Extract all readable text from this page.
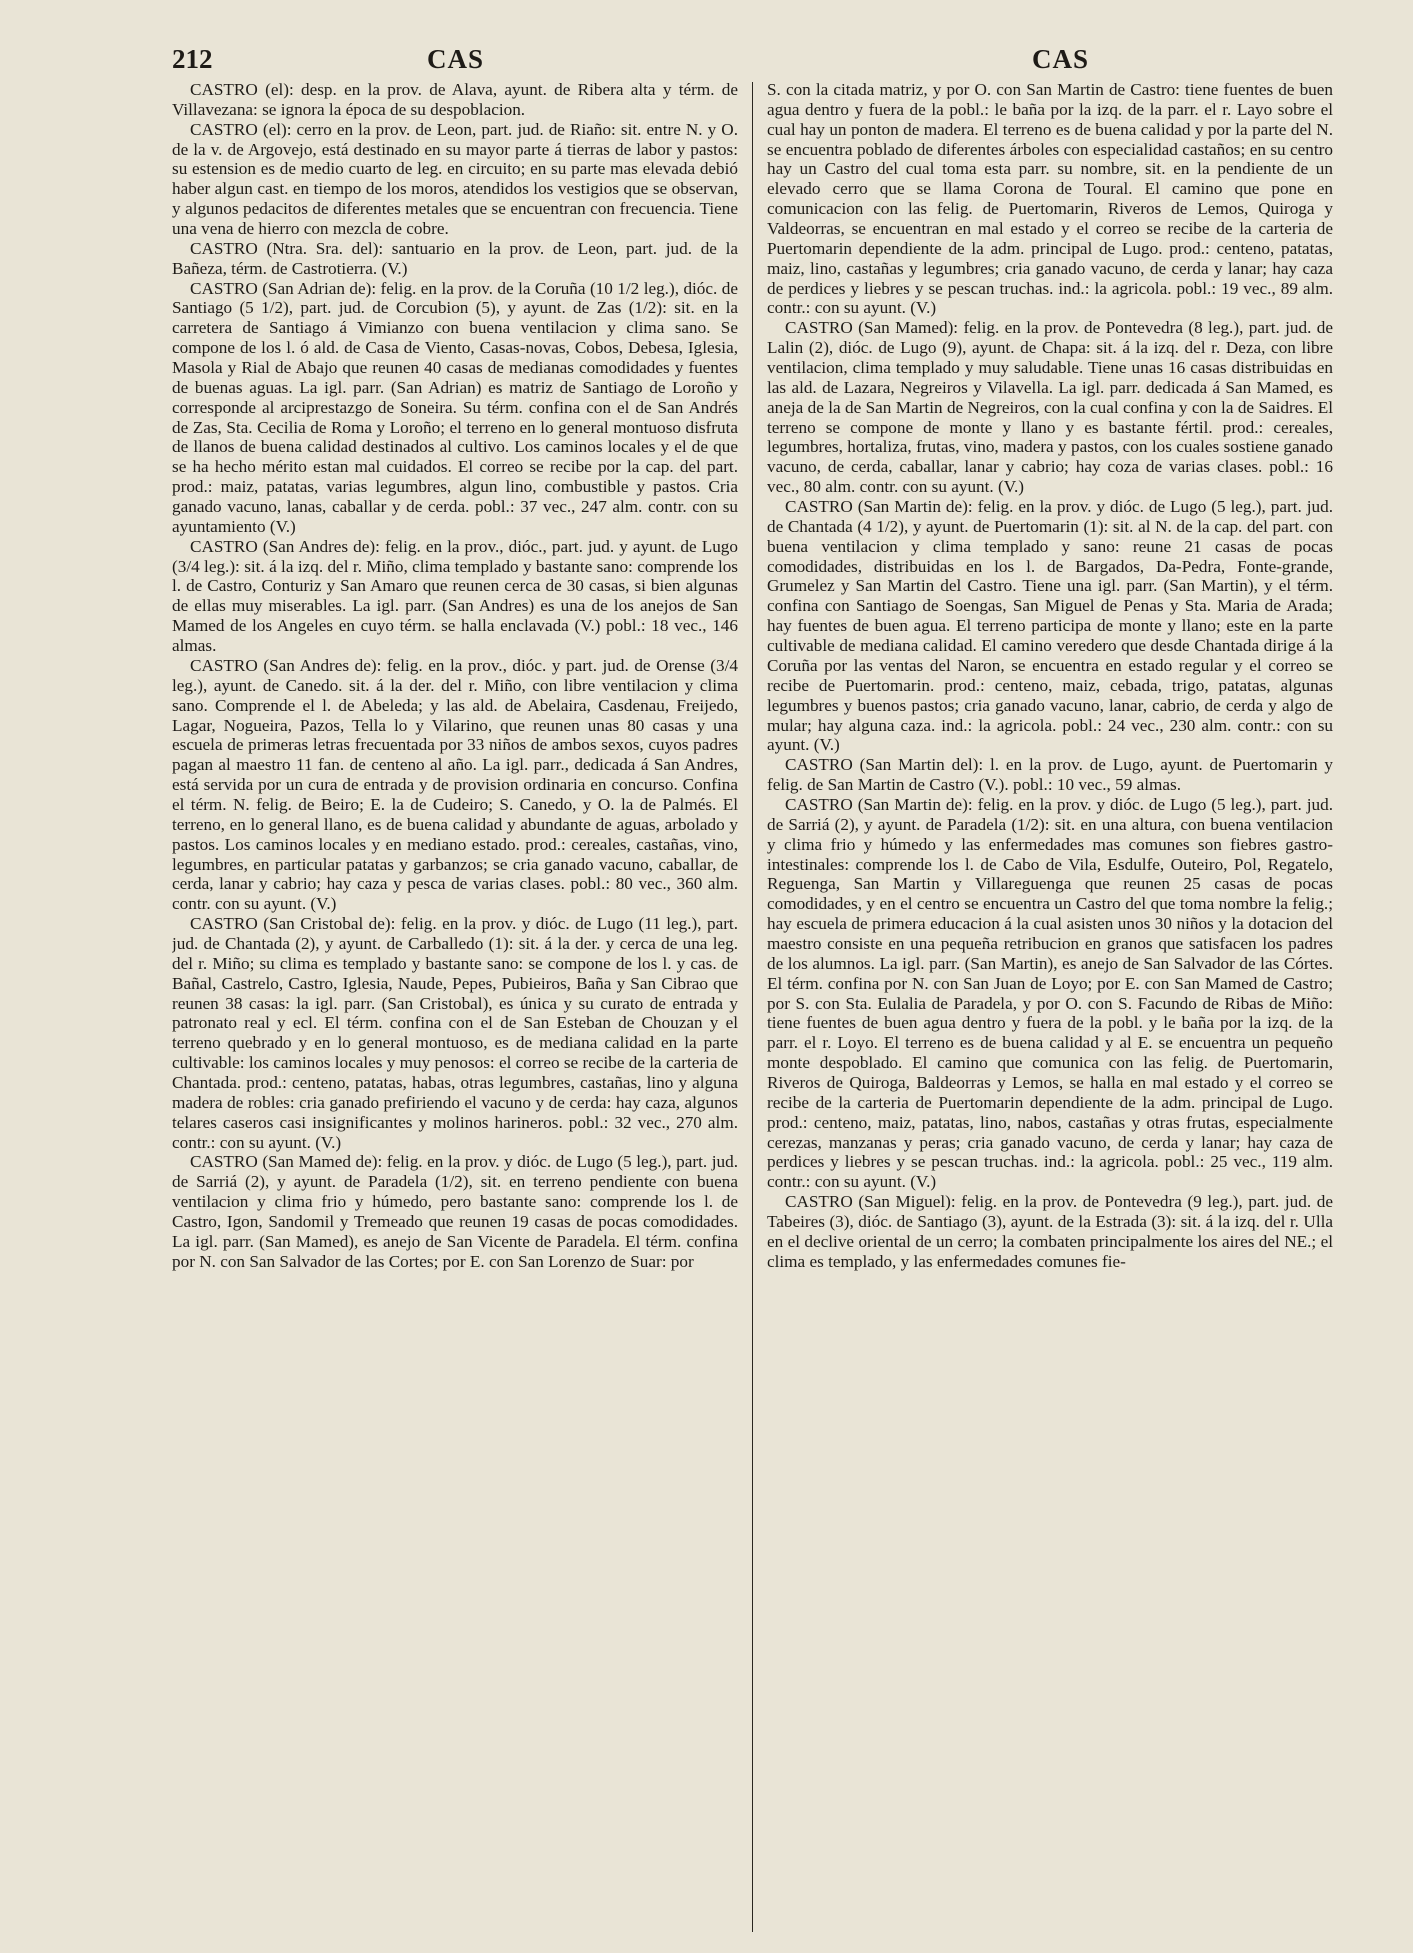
212	CAS	CAS

CASTRO (el): desp. en la prov. de Alava, ayunt. de Ribera alta y térm. de Villavezana: se ignora la época de su despoblacion.

CASTRO (el): cerro en la prov. de Leon, part. jud. de Riaño: sit. entre N. y O. de la v. de Argovejo, está destinado en su mayor parte á tierras de labor y pastos: su estension es de medio cuarto de leg. en circuito; en su parte mas elevada debió haber algun cast. en tiempo de los moros, atendidos los vestigios que se observan, y algunos pedacitos de diferentes metales que se encuentran con frecuencia. Tiene una vena de hierro con mezcla de cobre.

CASTRO (Ntra. Sra. del): santuario en la prov. de Leon, part. jud. de la Bañeza, térm. de Castrotierra. (V.)

CASTRO (San Adrian de): felig. en la prov. de la Coruña (10 1/2 leg.), dióc. de Santiago (5 1/2), part. jud. de Corcubion (5), y ayunt. de Zas (1/2): sit. en la carretera de Santiago á Vimianzo con buena ventilacion y clima sano. Se compone de los l. ó ald. de Casa de Viento, Casas-novas, Cobos, Debesa, Iglesia, Masola y Rial de Abajo que reunen 40 casas de medianas comodidades y fuentes de buenas aguas. La igl. parr. (San Adrian) es matriz de Santiago de Loroño y corresponde al arciprestazgo de Soneira. Su térm. confina con el de San Andrés de Zas, Sta. Cecilia de Roma y Loroño; el terreno en lo general montuoso disfruta de llanos de buena calidad destinados al cultivo. Los caminos locales y el de que se ha hecho mérito estan mal cuidados. El correo se recibe por la cap. del part. prod.: maiz, patatas, varias legumbres, algun lino, combustible y pastos. Cria ganado vacuno, lanas, caballar y de cerda. pobl.: 37 vec., 247 alm. contr. con su ayuntamiento (V.)

CASTRO (San Andres de): felig. en la prov., dióc., part. jud. y ayunt. de Lugo (3/4 leg.): sit. á la izq. del r. Miño, clima templado y bastante sano: comprende los l. de Castro, Conturiz y San Amaro que reunen cerca de 30 casas, si bien algunas de ellas muy miserables. La igl. parr. (San Andres) es una de los anejos de San Mamed de los Angeles en cuyo térm. se halla enclavada (V.) pobl.: 18 vec., 146 almas.

CASTRO (San Andres de): felig. en la prov., dióc. y part. jud. de Orense (3/4 leg.), ayunt. de Canedo. sit. á la der. del r. Miño, con libre ventilacion y clima sano. Comprende el l. de Abeleda; y las ald. de Abelaira, Casdenau, Freijedo, Lagar, Nogueira, Pazos, Tella lo y Vilarino, que reunen unas 80 casas y una escuela de primeras letras frecuentada por 33 niños de ambos sexos, cuyos padres pagan al maestro 11 fan. de centeno al año. La igl. parr., dedicada á San Andres, está servida por un cura de entrada y de provision ordinaria en concurso. Confina el térm. N. felig. de Beiro; E. la de Cudeiro; S. Canedo, y O. la de Palmés. El terreno, en lo general llano, es de buena calidad y abundante de aguas, arbolado y pastos. Los caminos locales y en mediano estado. prod.: cereales, castañas, vino, legumbres, en particular patatas y garbanzos; se cria ganado vacuno, caballar, de cerda, lanar y cabrio; hay caza y pesca de varias clases. pobl.: 80 vec., 360 alm. contr. con su ayunt. (V.)

CASTRO (San Cristobal de): felig. en la prov. y dióc. de Lugo (11 leg.), part. jud. de Chantada (2), y ayunt. de Carballedo (1): sit. á la der. y cerca de una leg. del r. Miño; su clima es templado y bastante sano: se compone de los l. y cas. de Bañal, Castrelo, Castro, Iglesia, Naude, Pepes, Pubieiros, Baña y San Cibrao que reunen 38 casas: la igl. parr. (San Cristobal), es única y su curato de entrada y patronato real y ecl. El térm. confina con el de San Esteban de Chouzan y el terreno quebrado y en lo general montuoso, es de mediana calidad en la parte cultivable: los caminos locales y muy penosos: el correo se recibe de la carteria de Chantada. prod.: centeno, patatas, habas, otras legumbres, castañas, lino y alguna madera de robles: cria ganado prefiriendo el vacuno y de cerda: hay caza, algunos telares caseros casi insignificantes y molinos harineros. pobl.: 32 vec., 270 alm. contr.: con su ayunt. (V.)

CASTRO (San Mamed de): felig. en la prov. y dióc. de Lugo (5 leg.), part. jud. de Sarriá (2), y ayunt. de Paradela (1/2), sit. en terreno pendiente con buena ventilacion y clima frio y húmedo, pero bastante sano: comprende los l. de Castro, Igon, Sandomil y Tremeado que reunen 19 casas de pocas comodidades. La igl. parr. (San Mamed), es anejo de San Vicente de Paradela. El térm. confina por N. con San Salvador de las Cortes; por E. con San Lorenzo de Suar: por

S. con la citada matriz, y por O. con San Martin de Castro: tiene fuentes de buen agua dentro y fuera de la pobl.: le baña por la izq. de la parr. el r. Layo sobre el cual hay un ponton de madera. El terreno es de buena calidad y por la parte del N. se encuentra poblado de diferentes árboles con especialidad castaños; en su centro hay un Castro del cual toma esta parr. su nombre, sit. en la pendiente de un elevado cerro que se llama Corona de Toural. El camino que pone en comunicacion con las felig. de Puertomarin, Riveros de Lemos, Quiroga y Valdeorras, se encuentran en mal estado y el correo se recibe de la carteria de Puertomarin dependiente de la adm. principal de Lugo. prod.: centeno, patatas, maiz, lino, castañas y legumbres; cria ganado vacuno, de cerda y lanar; hay caza de perdices y liebres y se pescan truchas. ind.: la agricola. pobl.: 19 vec., 89 alm. contr.: con su ayunt. (V.)

CASTRO (San Mamed): felig. en la prov. de Pontevedra (8 leg.), part. jud. de Lalin (2), dióc. de Lugo (9), ayunt. de Chapa: sit. á la izq. del r. Deza, con libre ventilacion, clima templado y muy saludable. Tiene unas 16 casas distribuidas en las ald. de Lazara, Negreiros y Vilavella. La igl. parr. dedicada á San Mamed, es aneja de la de San Martin de Negreiros, con la cual confina y con la de Saidres. El terreno se compone de monte y llano y es bastante fértil. prod.: cereales, legumbres, hortaliza, frutas, vino, madera y pastos, con los cuales sostiene ganado vacuno, de cerda, caballar, lanar y cabrio; hay coza de varias clases. pobl.: 16 vec., 80 alm. contr. con su ayunt. (V.)

CASTRO (San Martin de): felig. en la prov. y dióc. de Lugo (5 leg.), part. jud. de Chantada (4 1/2), y ayunt. de Puertomarin (1): sit. al N. de la cap. del part. con buena ventilacion y clima templado y sano: reune 21 casas de pocas comodidades, distribuidas en los l. de Bargados, Da-Pedra, Fonte-grande, Grumelez y San Martin del Castro. Tiene una igl. parr. (San Martin), y el térm. confina con Santiago de Soengas, San Miguel de Penas y Sta. Maria de Arada; hay fuentes de buen agua. El terreno participa de monte y llano; este en la parte cultivable de mediana calidad. El camino veredero que desde Chantada dirige á la Coruña por las ventas del Naron, se encuentra en estado regular y el correo se recibe de Puertomarin. prod.: centeno, maiz, cebada, trigo, patatas, algunas legumbres y buenos pastos; cria ganado vacuno, lanar, cabrio, de cerda y algo de mular; hay alguna caza. ind.: la agricola. pobl.: 24 vec., 230 alm. contr.: con su ayunt. (V.)

CASTRO (San Martin del): l. en la prov. de Lugo, ayunt. de Puertomarin y felig. de San Martin de Castro (V.). pobl.: 10 vec., 59 almas.

CASTRO (San Martin de): felig. en la prov. y dióc. de Lugo (5 leg.), part. jud. de Sarriá (2), y ayunt. de Paradela (1/2): sit. en una altura, con buena ventilacion y clima frio y húmedo y las enfermedades mas comunes son fiebres gastro-intestinales: comprende los l. de Cabo de Vila, Esdulfe, Outeiro, Pol, Regatelo, Reguenga, San Martin y Villareguenga que reunen 25 casas de pocas comodidades, y en el centro se encuentra un Castro del que toma nombre la felig.; hay escuela de primera educacion á la cual asisten unos 30 niños y la dotacion del maestro consiste en una pequeña retribucion en granos que satisfacen los padres de los alumnos. La igl. parr. (San Martin), es anejo de San Salvador de las Córtes. El térm. confina por N. con San Juan de Loyo; por E. con San Mamed de Castro; por S. con Sta. Eulalia de Paradela, y por O. con S. Facundo de Ribas de Miño: tiene fuentes de buen agua dentro y fuera de la pobl. y le baña por la izq. de la parr. el r. Loyo. El terreno es de buena calidad y al E. se encuentra un pequeño monte despoblado. El camino que comunica con las felig. de Puertomarin, Riveros de Quiroga, Baldeorras y Lemos, se halla en mal estado y el correo se recibe de la carteria de Puertomarin dependiente de la adm. principal de Lugo. prod.: centeno, maiz, patatas, lino, nabos, castañas y otras frutas, especialmente cerezas, manzanas y peras; cria ganado vacuno, de cerda y lanar; hay caza de perdices y liebres y se pescan truchas. ind.: la agricola. pobl.: 25 vec., 119 alm. contr.: con su ayunt. (V.)

CASTRO (San Miguel): felig. en la prov. de Pontevedra (9 leg.), part. jud. de Tabeires (3), dióc. de Santiago (3), ayunt. de la Estrada (3): sit. á la izq. del r. Ulla en el declive oriental de un cerro; la combaten principalmente los aires del NE.; el clima es templado, y las enfermedades comunes fie-
